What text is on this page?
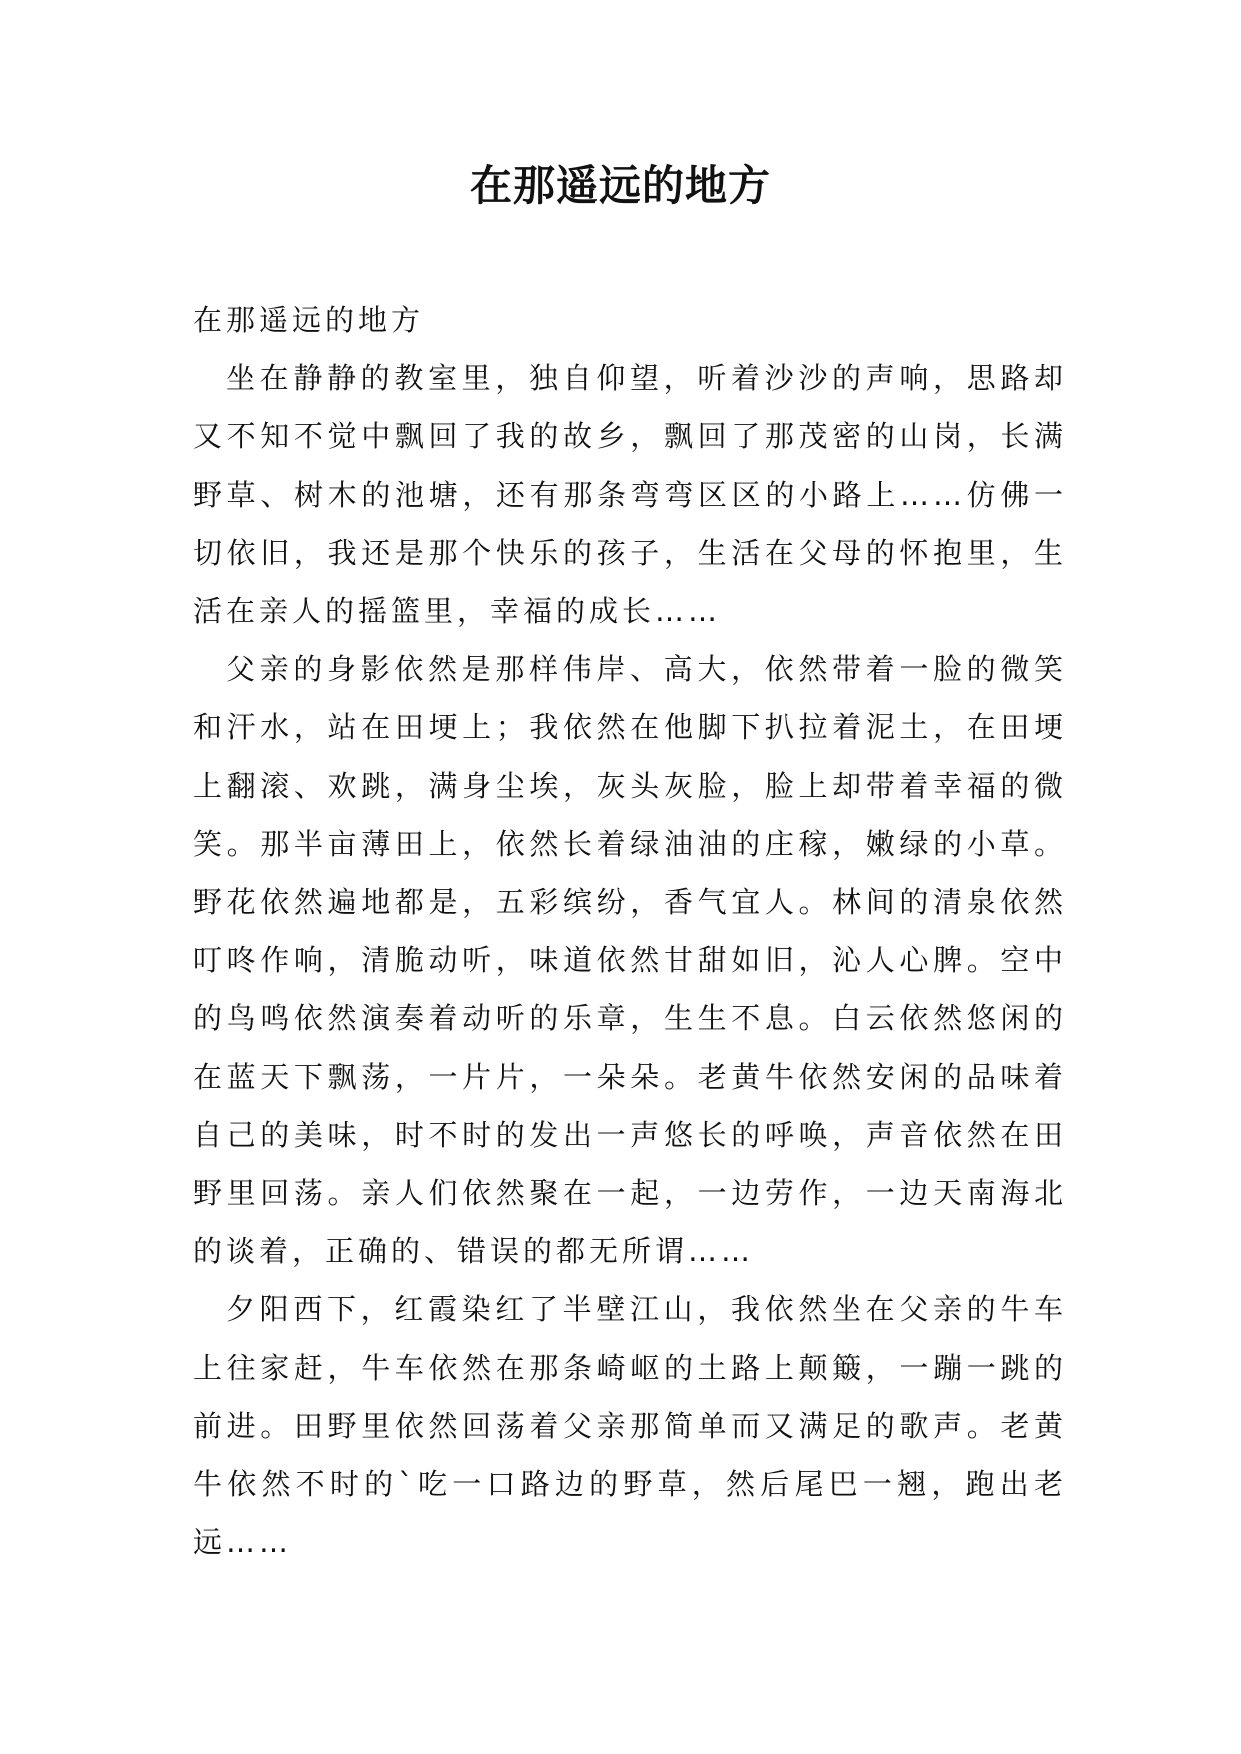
在那遥远的地方

在那遥远的地方

坐在静静的教室里，独自仰望，听着沙沙的声响，思路却又不知不觉中飘回了我的故乡，飘回了那茂密的山岗，长满野草、树木的池塘，还有那条弯弯区区的小路上……仿佛一切依旧，我还是那个快乐的孩子，生活在父母的怀抱里，生活在亲人的摇篮里，幸福的成长……

父亲的身影依然是那样伟岸、高大，依然带着一脸的微笑和汗水，站在田埂上；我依然在他脚下扒拉着泥土，在田埂上翻滚、欢跳，满身尘埃，灰头灰脸，脸上却带着幸福的微笑。那半亩薄田上，依然长着绿油油的庄稼，嫩绿的小草。野花依然遍地都是，五彩缤纷，香气宜人。林间的清泉依然叮咚作响，清脆动听，味道依然甘甜如旧，沁人心脾。空中的鸟鸣依然演奏着动听的乐章，生生不息。白云依然悠闲的在蓝天下飘荡，一片片，一朵朵。老黄牛依然安闲的品味着自己的美味，时不时的发出一声悠长的呼唤，声音依然在田野里回荡。亲人们依然聚在一起，一边劳作，一边天南海北的谈着，正确的、错误的都无所谓……

夕阳西下，红霞染红了半壁江山，我依然坐在父亲的牛车上往家赶，牛车依然在那条崎岖的土路上颠簸，一蹦一跳的前进。田野里依然回荡着父亲那简单而又满足的歌声。老黄牛依然不时的`吃一口路边的野草，然后尾巴一翘，跑出老远……
